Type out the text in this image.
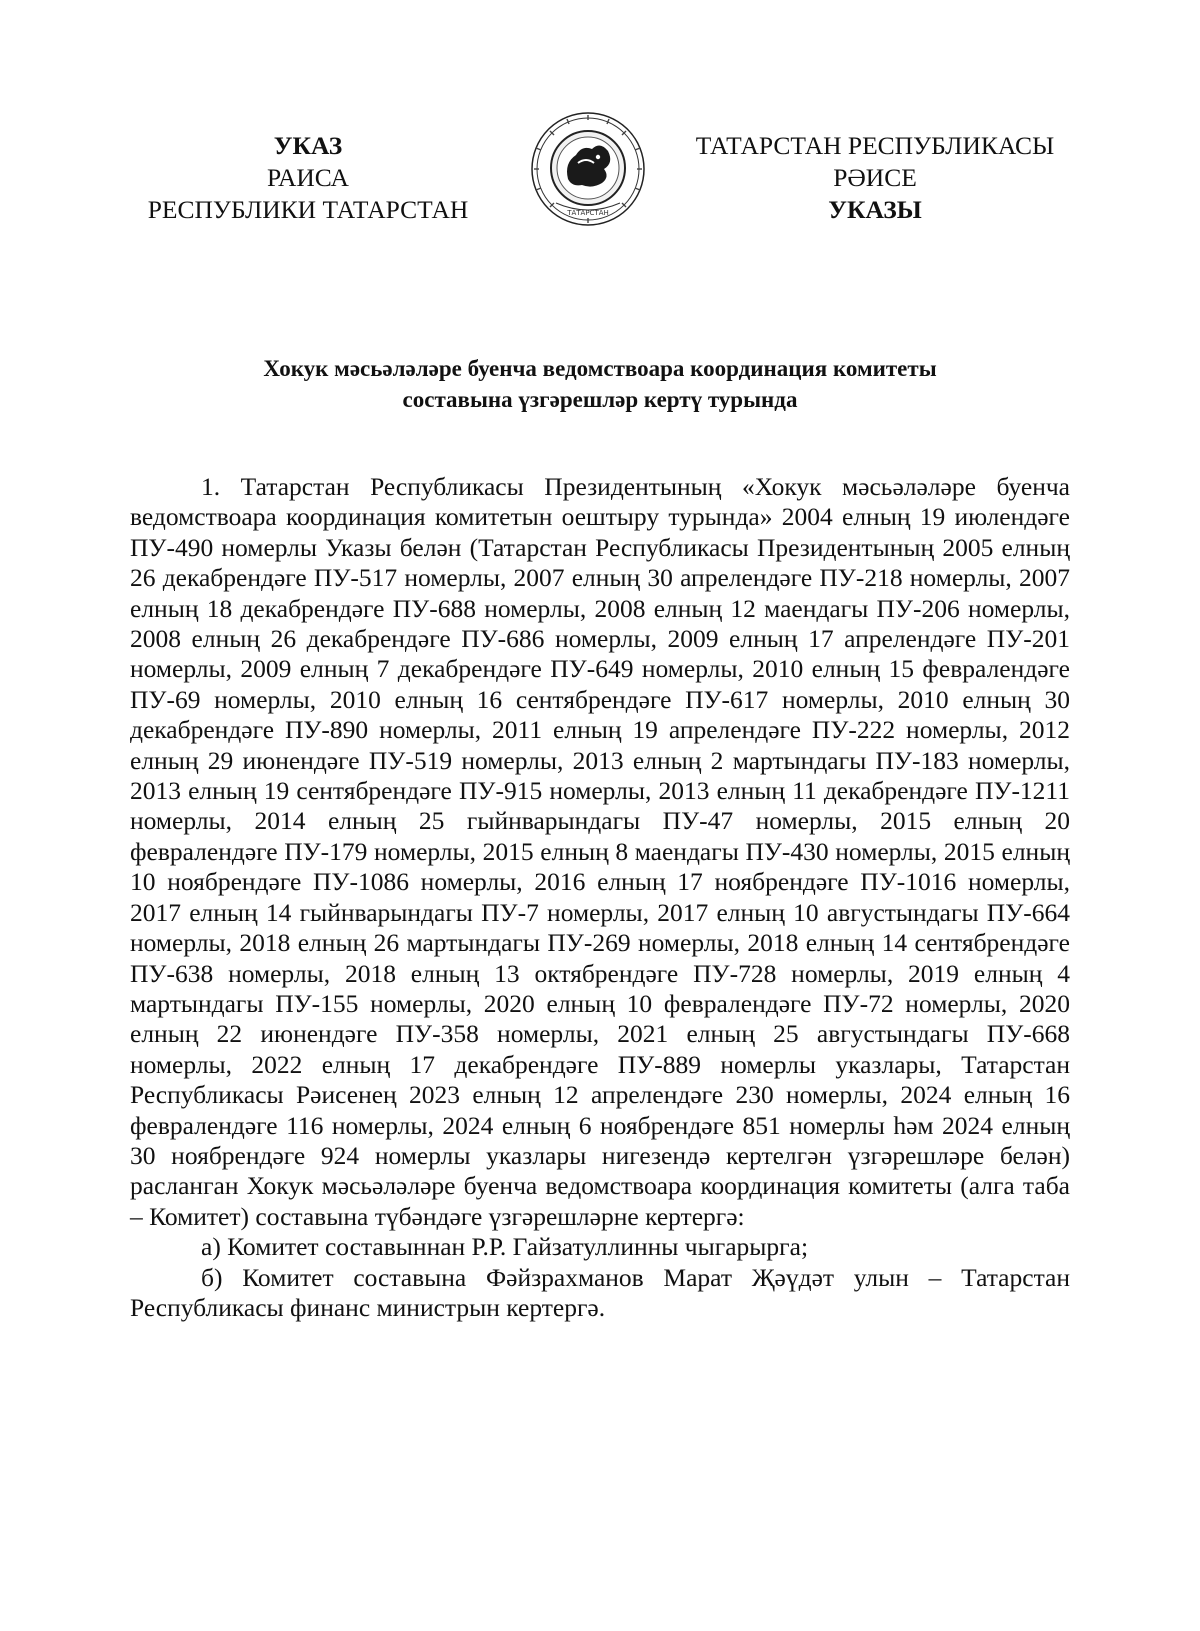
УКАЗ
РАИСА
РЕСПУБЛИКИ ТАТАРСТАН	ТАТАРСТАН
ТАТАРСТАН РЕСПУБЛИКАСЫ
РӘИСЕ
УКАЗЫ
Хокук мәсьәләләре буенча ведомствоара координация комитеты
составына үзгәрешләр кертү турында

1. Татарстан Республикасы Президентының «Хокук мәсьәләләре буенча ведомствоара координация комитетын оештыру турында» 2004 елның 19 июлендәге ПУ-490 номерлы Указы белән (Татарстан Республикасы Президентының 2005 елның 26 декабрендәге ПУ-517 номерлы, 2007 елның 30 апрелендәге ПУ-218 номерлы, 2007 елның 18 декабрендәге ПУ-688 номерлы, 2008 елның 12 маендагы ПУ-206 номерлы, 2008 елның 26 декабрендәге ПУ-686 номерлы, 2009 елның 17 апрелендәге ПУ-201 номерлы, 2009 елның 7 декабрендәге ПУ-649 номерлы, 2010 елның 15 февралендәге ПУ-69 номерлы, 2010 елның 16 сентябрендәге ПУ-617 номерлы, 2010 елның 30 декабрендәге ПУ-890 номерлы, 2011 елның 19 апрелендәге ПУ-222 номерлы, 2012 елның 29 июнендәге ПУ-519 номерлы, 2013 елның 2 мартындагы ПУ-183 номерлы, 2013 елның 19 сентябрендәге ПУ-915 номерлы, 2013 елның 11 декабрендәге ПУ-1211 номерлы, 2014 елның 25 гыйнварындагы ПУ-47 номерлы, 2015 елның 20 февралендәге ПУ-179 номерлы, 2015 елның 8 маендагы ПУ-430 номерлы, 2015 елның 10 ноябрендәге ПУ-1086 номерлы, 2016 елның 17 ноябрендәге ПУ-1016 номерлы, 2017 елның 14 гыйнварындагы ПУ-7 номерлы, 2017 елның 10 августындагы ПУ-664 номерлы, 2018 елның 26 мартындагы ПУ-269 номерлы, 2018 елның 14 сентябрендәге ПУ-638 номерлы, 2018 елның 13 октябрендәге ПУ-728 номерлы, 2019 елның 4 мартындагы ПУ-155 номерлы, 2020 елның 10 февралендәге ПУ-72 номерлы, 2020 елның 22 июнендәге ПУ-358 номерлы, 2021 елның 25 августындагы ПУ-668 номерлы, 2022 елның 17 декабрендәге ПУ-889 номерлы указлары, Татарстан Республикасы Рәисенең 2023 елның 12 апрелендәге 230 номерлы, 2024 елның 16 февралендәге 116 номерлы, 2024 елның 6 ноябрендәге 851 номерлы һәм 2024 елның 30 ноябрендәге 924 номерлы указлары нигезендә кертелгән үзгәрешләре белән) расланган Хокук мәсьәләләре буенча ведомствоара координация комитеты (алга таба – Комитет) составына түбәндәге үзгәрешләрне кертергә:

а) Комитет составыннан Р.Р. Гайзатуллинны чыгарырга;

б) Комитет составына Фәйзрахманов Марат Җәүдәт улын – Татарстан Республикасы финанс министрын кертергә.
